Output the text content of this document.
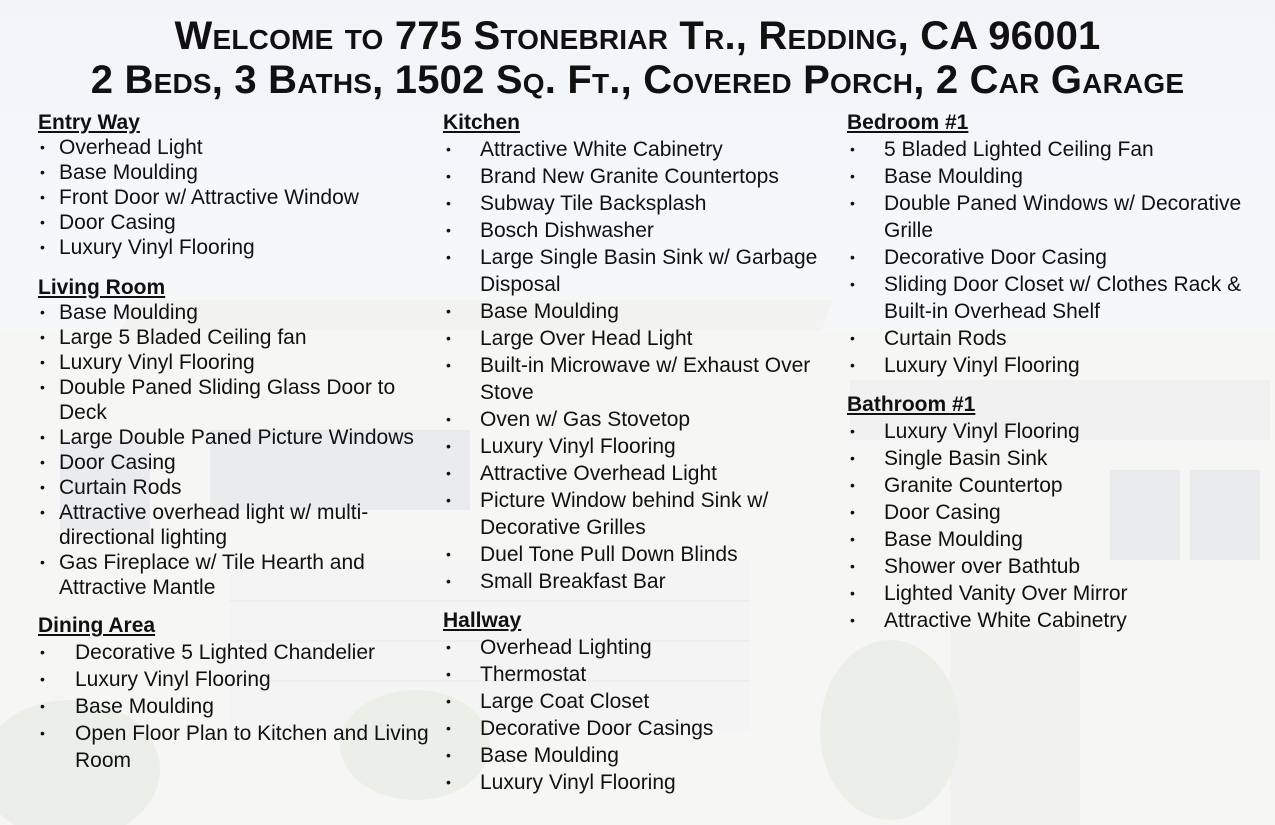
Welcome to 775 Stonebriar Tr., Redding, CA 96001
2 Beds, 3 Baths, 1502 Sq. Ft., Covered Porch, 2 Car Garage
Entry Way
• Overhead Light
• Base Moulding
• Front Door w/ Attractive Window
• Door Casing
• Luxury Vinyl Flooring
Living Room
• Base Moulding
• Large 5 Bladed Ceiling fan
• Luxury Vinyl Flooring
• Double Paned Sliding Glass Door to Deck
• Large Double Paned Picture Windows
• Door Casing
• Curtain Rods
• Attractive overhead light w/ multi-directional lighting
• Gas Fireplace w/ Tile Hearth and Attractive Mantle
Dining Area
• Decorative 5 Lighted Chandelier
• Luxury Vinyl Flooring
• Base Moulding
• Open Floor Plan to Kitchen and Living Room
Kitchen
• Attractive White Cabinetry
• Brand New Granite Countertops
• Subway Tile Backsplash
• Bosch Dishwasher
• Large Single Basin Sink w/ Garbage Disposal
• Base Moulding
• Large Over Head Light
• Built-in Microwave w/ Exhaust Over Stove
• Oven w/ Gas Stovetop
• Luxury Vinyl Flooring
• Attractive Overhead Light
• Picture Window behind Sink w/ Decorative Grilles
• Duel Tone Pull Down Blinds
• Small Breakfast Bar
Hallway
• Overhead Lighting
• Thermostat
• Large Coat Closet
• Decorative Door Casings
• Base Moulding
• Luxury Vinyl Flooring
Bedroom #1
• 5 Bladed Lighted Ceiling Fan
• Base Moulding
• Double Paned Windows w/ Decorative Grille
• Decorative Door Casing
• Sliding Door Closet w/ Clothes Rack & Built-in Overhead Shelf
• Curtain Rods
• Luxury Vinyl Flooring
Bathroom #1
• Luxury Vinyl Flooring
• Single Basin Sink
• Granite Countertop
• Door Casing
• Base Moulding
• Shower over Bathtub
• Lighted Vanity Over Mirror
• Attractive White Cabinetry
